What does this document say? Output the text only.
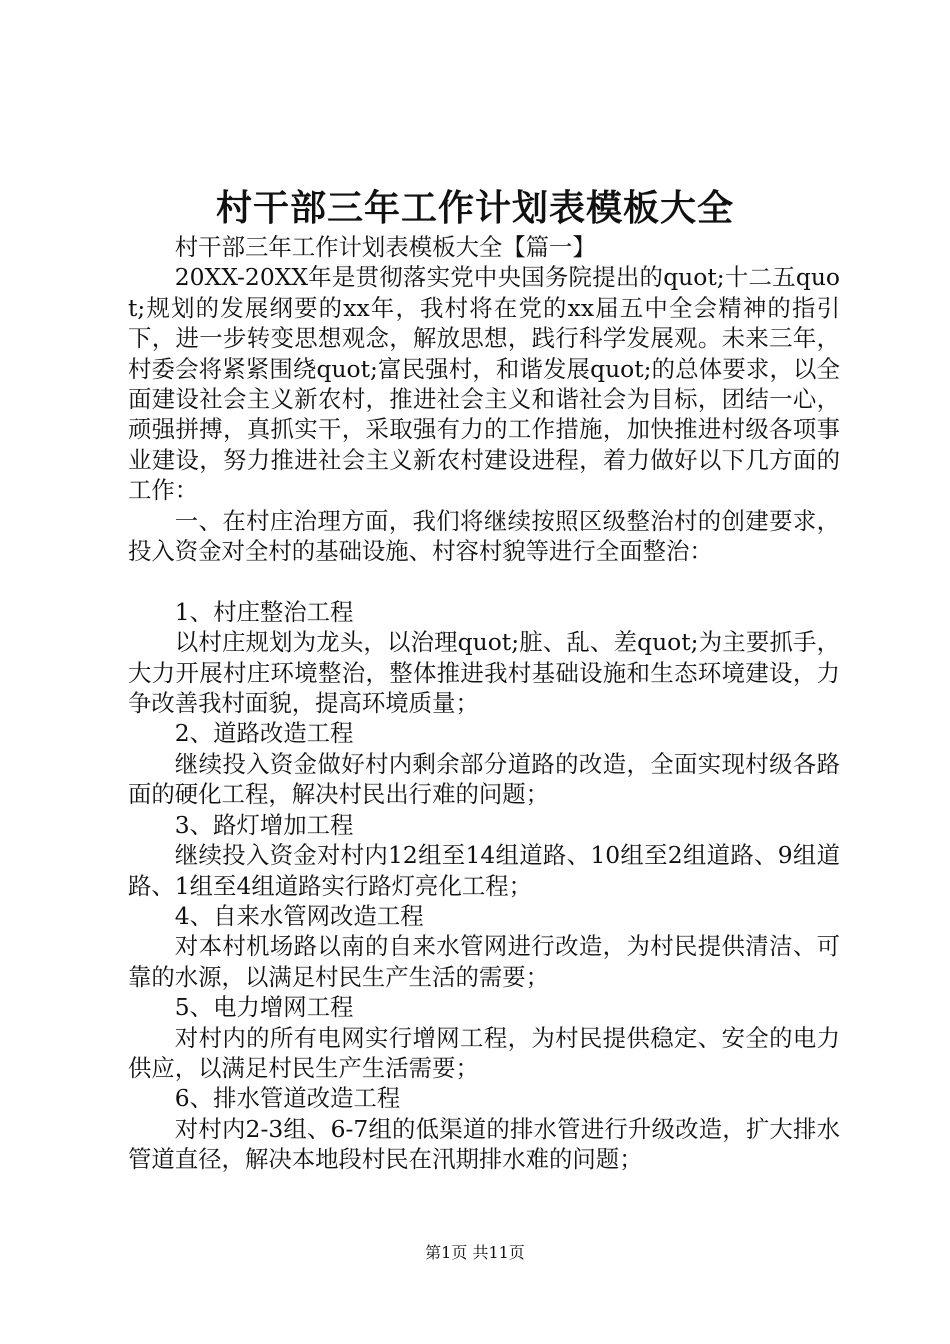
村干部三年工作计划表模板大全

村干部三年工作计划表模板大全【篇一】

20XX-20XX年是贯彻落实党中央国务院提出的quot;十二五quot;规划的发展纲要的xx年，我村将在党的xx届五中全会精神的指引下，进一步转变思想观念，解放思想，践行科学发展观。未来三年，村委会将紧紧围绕quot;富民强村，和谐发展quot;的总体要求，以全面建设社会主义新农村，推进社会主义和谐社会为目标，团结一心，顽强拼搏，真抓实干，采取强有力的工作措施，加快推进村级各项事业建设，努力推进社会主义新农村建设进程，着力做好以下几方面的工作：

一、在村庄治理方面，我们将继续按照区级整治村的创建要求，投入资金对全村的基础设施、村容村貌等进行全面整治：

1、村庄整治工程

以村庄规划为龙头，以治理quot;脏、乱、差quot;为主要抓手，大力开展村庄环境整治，整体推进我村基础设施和生态环境建设，力争改善我村面貌，提高环境质量；

2、道路改造工程

继续投入资金做好村内剩余部分道路的改造，全面实现村级各路面的硬化工程，解决村民出行难的问题；

3、路灯增加工程

继续投入资金对村内12组至14组道路、10组至2组道路、9组道路、1组至4组道路实行路灯亮化工程；

4、自来水管网改造工程

对本村机场路以南的自来水管网进行改造，为村民提供清洁、可靠的水源，以满足村民生产生活的需要；

5、电力增网工程

对村内的所有电网实行增网工程，为村民提供稳定、安全的电力供应，以满足村民生产生活需要；

6、排水管道改造工程

对村内2-3组、6-7组的低渠道的排水管进行升级改造，扩大排水管道直径，解决本地段村民在汛期排水难的问题；

第1页 共11页
